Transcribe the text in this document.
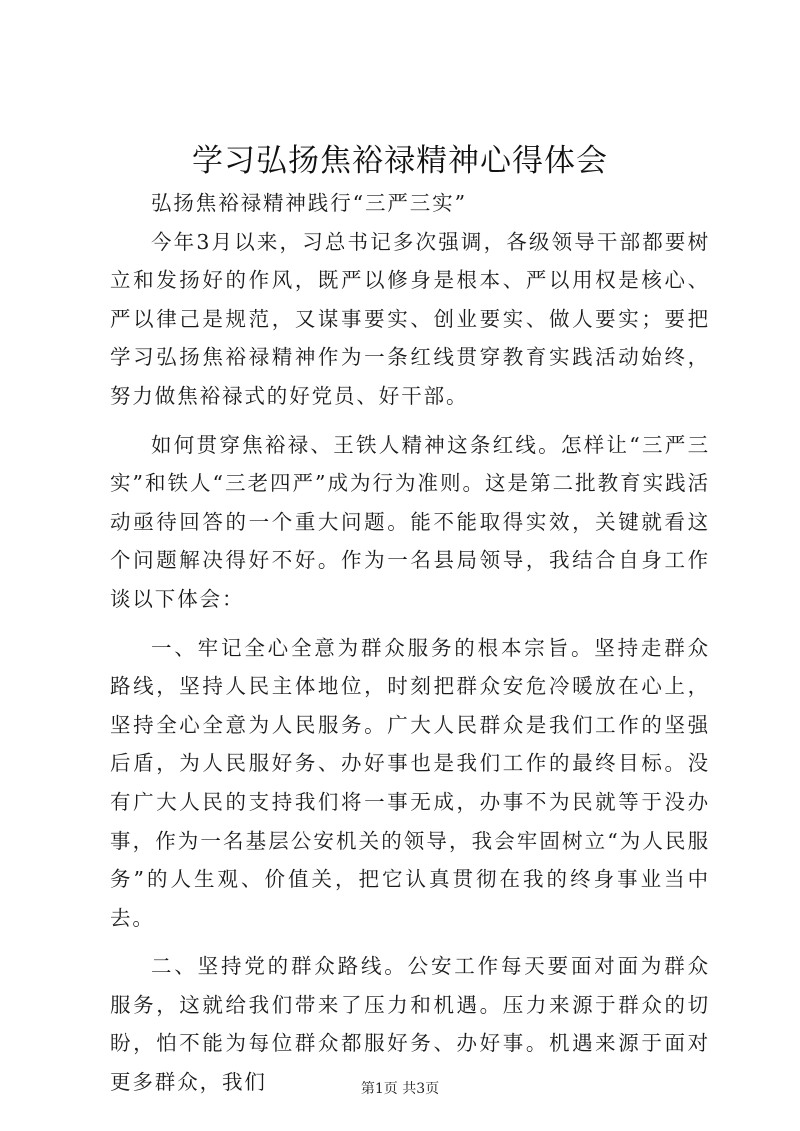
学习弘扬焦裕禄精神心得体会

弘扬焦裕禄精神践行“三严三实”

今年3月以来，习总书记多次强调，各级领导干部都要树立和发扬好的作风，既严以修身是根本、严以用权是核心、严以律己是规范，又谋事要实、创业要实、做人要实；要把学习弘扬焦裕禄精神作为一条红线贯穿教育实践活动始终，努力做焦裕禄式的好党员、好干部。

如何贯穿焦裕禄、王铁人精神这条红线。怎样让“三严三实”和铁人“三老四严”成为行为准则。这是第二批教育实践活动亟待回答的一个重大问题。能不能取得实效，关键就看这个问题解决得好不好。作为一名县局领导，我结合自身工作谈以下体会：

一、牢记全心全意为群众服务的根本宗旨。坚持走群众路线，坚持人民主体地位，时刻把群众安危冷暖放在心上，坚持全心全意为人民服务。广大人民群众是我们工作的坚强后盾，为人民服好务、办好事也是我们工作的最终目标。没有广大人民的支持我们将一事无成，办事不为民就等于没办事，作为一名基层公安机关的领导，我会牢固树立“为人民服务”的人生观、价值关，把它认真贯彻在我的终身事业当中去。

二、坚持党的群众路线。公安工作每天要面对面为群众服务，这就给我们带来了压力和机遇。压力来源于群众的切盼，怕不能为每位群众都服好务、办好事。机遇来源于面对更多群众，我们	第1页 共3页
